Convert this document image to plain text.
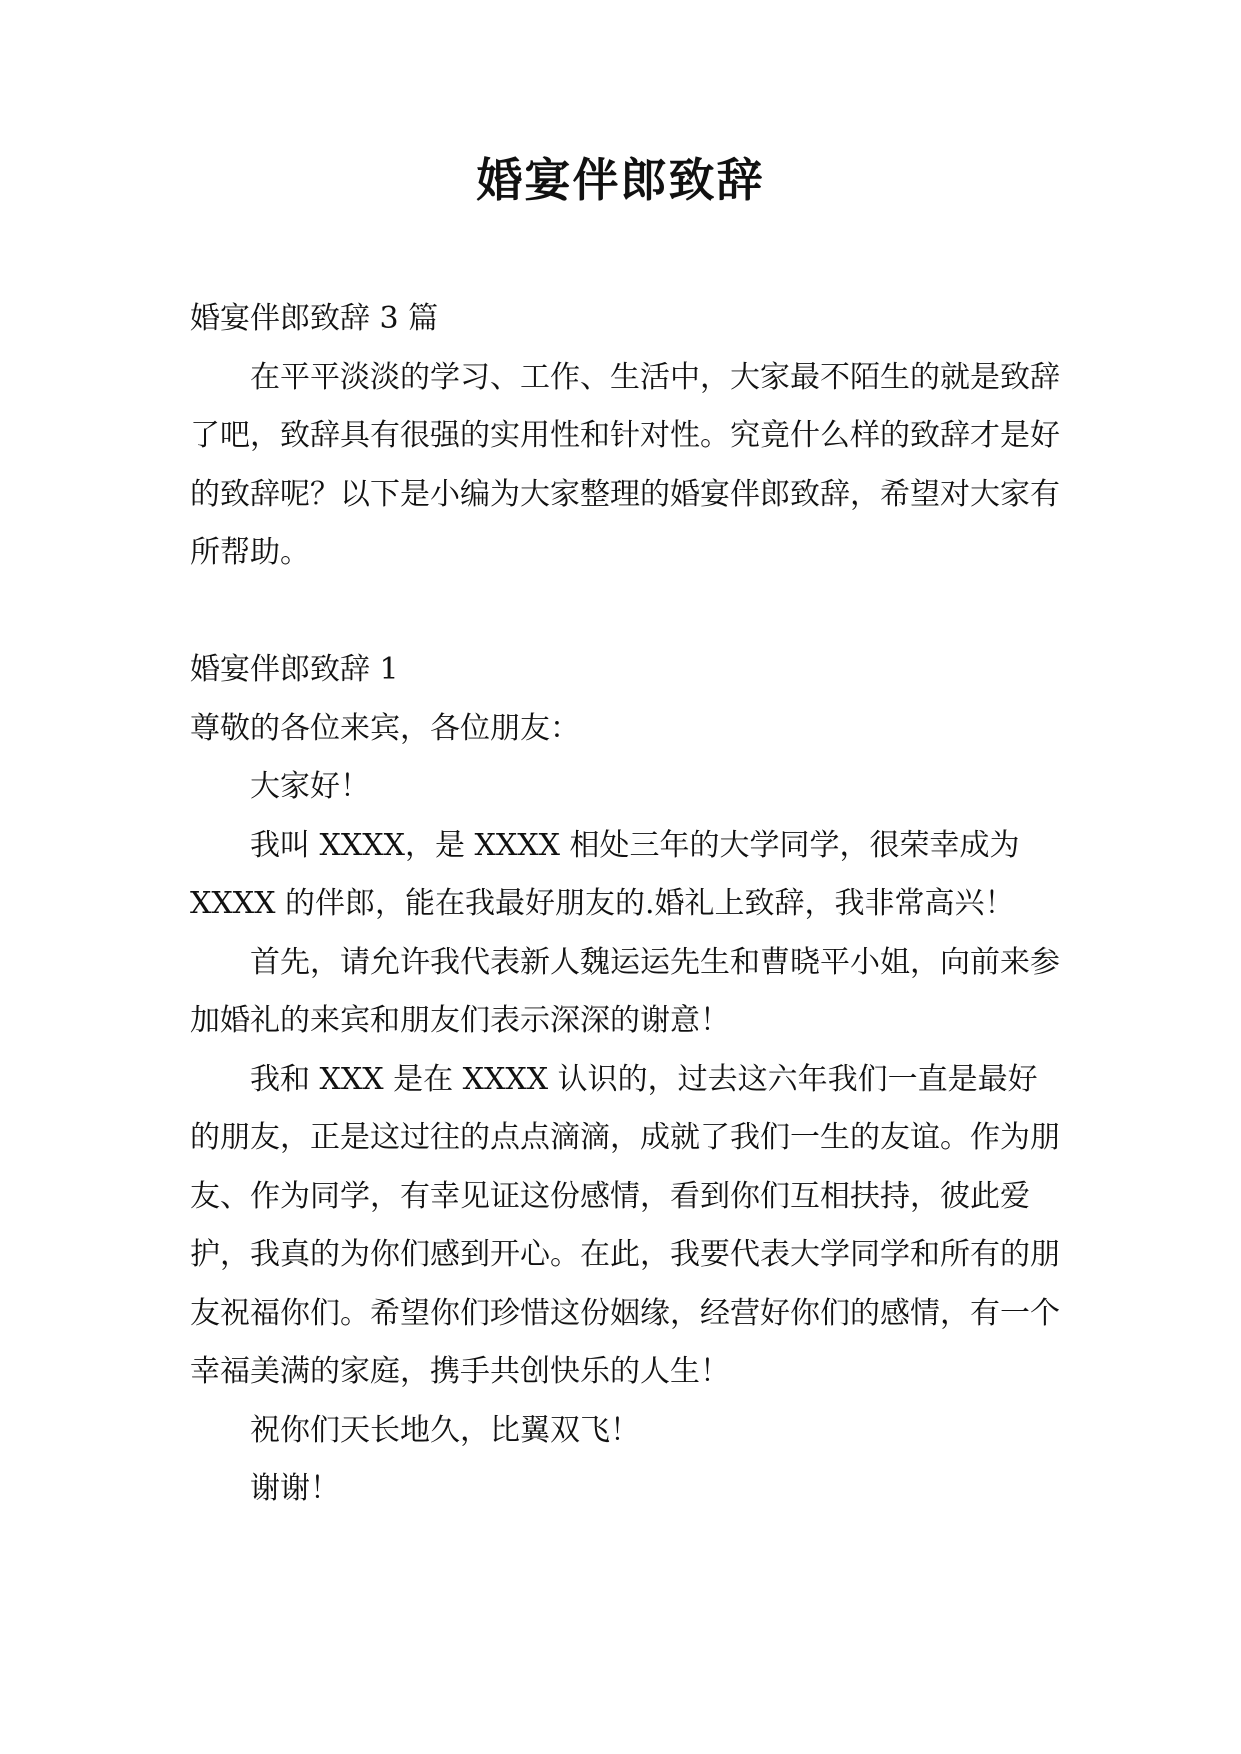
婚宴伴郎致辞

婚宴伴郎致辞 3 篇

在平平淡淡的学习、工作、生活中，大家最不陌生的就是致辞了吧，致辞具有很强的实用性和针对性。究竟什么样的致辞才是好的致辞呢？以下是小编为大家整理的婚宴伴郎致辞，希望对大家有所帮助。

婚宴伴郎致辞 1

尊敬的各位来宾，各位朋友：

大家好！

我叫 XXXX，是 XXXX 相处三年的大学同学，很荣幸成为 XXXX 的伴郎，能在我最好朋友的.婚礼上致辞，我非常高兴！

首先，请允许我代表新人魏运运先生和曹晓平小姐，向前来参加婚礼的来宾和朋友们表示深深的谢意！

我和 XXX 是在 XXXX 认识的，过去这六年我们一直是最好的朋友，正是这过往的点点滴滴，成就了我们一生的友谊。作为朋友、作为同学，有幸见证这份感情，看到你们互相扶持，彼此爱护，我真的为你们感到开心。在此，我要代表大学同学和所有的朋友祝福你们。希望你们珍惜这份姻缘，经营好你们的感情，有一个幸福美满的家庭，携手共创快乐的人生！

祝你们天长地久，比翼双飞！

谢谢！
